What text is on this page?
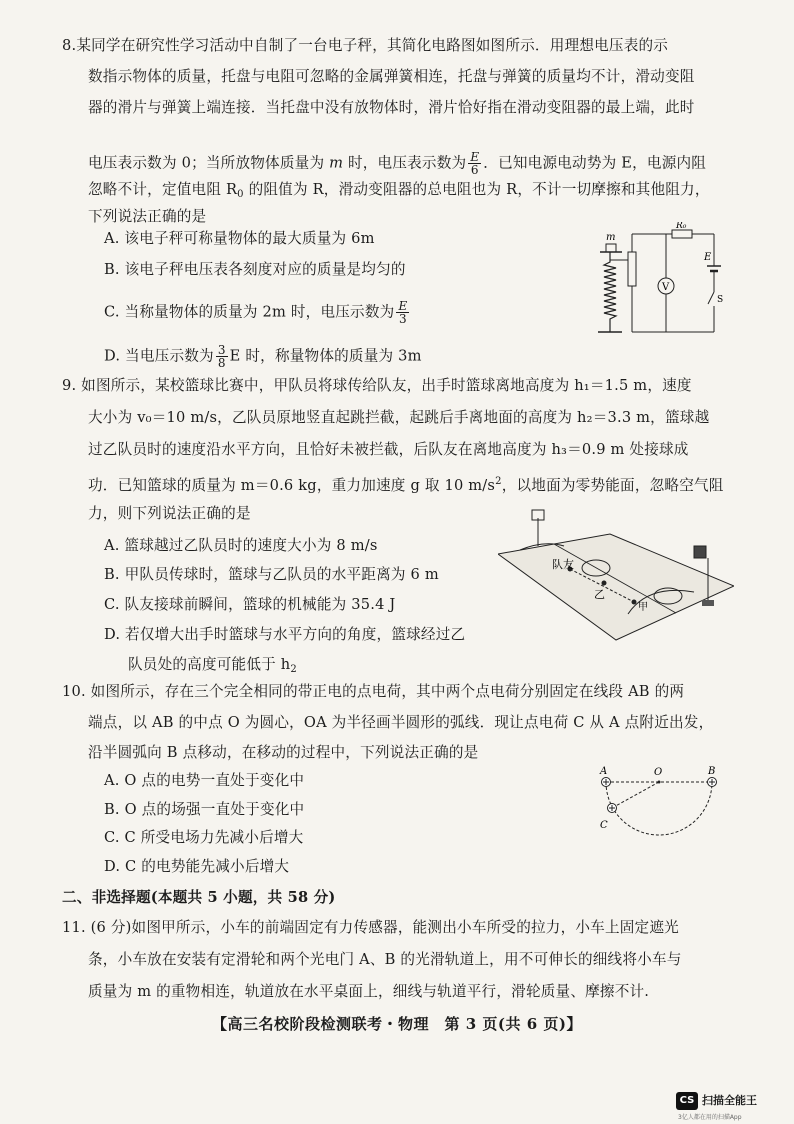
8.某同学在研究性学习活动中自制了一台电子秤，其简化电路图如图所示．用理想电压表的示
数指示物体的质量，托盘与电阻可忽略的金属弹簧相连，托盘与弹簧的质量均不计，滑动变阻
器的滑片与弹簧上端连接．当托盘中没有放物体时，滑片恰好指在滑动变阻器的最上端，此时
电压表示数为 0；当所放物体质量为 m 时，电压表示数为 $\frac{E}{6}$ ．已知电源电动势为 E，电源内阻
忽略不计，定值电阻 $R_0$ 的阻值为 R，滑动变阻器的总电阻也为 R，不计一切摩擦和其他阻力，
下列说法正确的是
A. 该电子秤可称量物体的最大质量为 6m
B. 该电子秤电压表各刻度对应的质量是均匀的
C. 当称量物体的质量为 2m 时，电压示数为 $\frac{E}{3}$
D. 当电压示数为 $\frac{3}{8}$ E 时，称量物体的质量为 3m
m
R₀
E
S
V
9. 如图所示，某校篮球比赛中，甲队员将球传给队友，出手时篮球离地高度为 h₁＝1.5 m，速度
大小为 v₀＝10 m/s，乙队员原地竖直起跳拦截，起跳后手离地面的高度为 h₂＝3.3 m，篮球越
过乙队员时的速度沿水平方向，且恰好未被拦截，后队友在离地高度为 h₃＝0.9 m 处接球成
功．已知篮球的质量为 m＝0.6 kg，重力加速度 g 取 10 $m/s^2$，以地面为零势能面，忽略空气阻
力，则下列说法正确的是
A. 篮球越过乙队员时的速度大小为 8 m/s
B. 甲队员传球时，篮球与乙队员的水平距离为 6 m
C. 队友接球前瞬间，篮球的机械能为 35.4 J
D. 若仅增大出手时篮球与水平方向的角度，篮球经过乙
队员处的高度可能低于 $h_2$
队友
乙
甲
10. 如图所示，存在三个完全相同的带正电的点电荷，其中两个点电荷分别固定在线段 AB 的两
端点，以 AB 的中点 O 为圆心，OA 为半径画半圆形的弧线．现让点电荷 C 从 A 点附近出发，
沿半圆弧向 B 点移动，在移动的过程中，下列说法正确的是
A. O 点的电势一直处于变化中
B. O 点的场强一直处于变化中
C. C 所受电场力先减小后增大
D. C 的电势能先减小后增大
A	O	B
C
二、非选择题(本题共 5 小题，共 58 分)
11. (6 分)如图甲所示，小车的前端固定有力传感器，能测出小车所受的拉力，小车上固定遮光
条，小车放在安装有定滑轮和两个光电门 A、B 的光滑轨道上，用不可伸长的细线将小车与
质量为 m 的重物相连，轨道放在水平桌面上，细线与轨道平行，滑轮质量、摩擦不计.
【高三名校阶段检测联考・物理　第 3 页(共 6 页)】
CS 扫描全能王
3亿人都在用的扫描App
